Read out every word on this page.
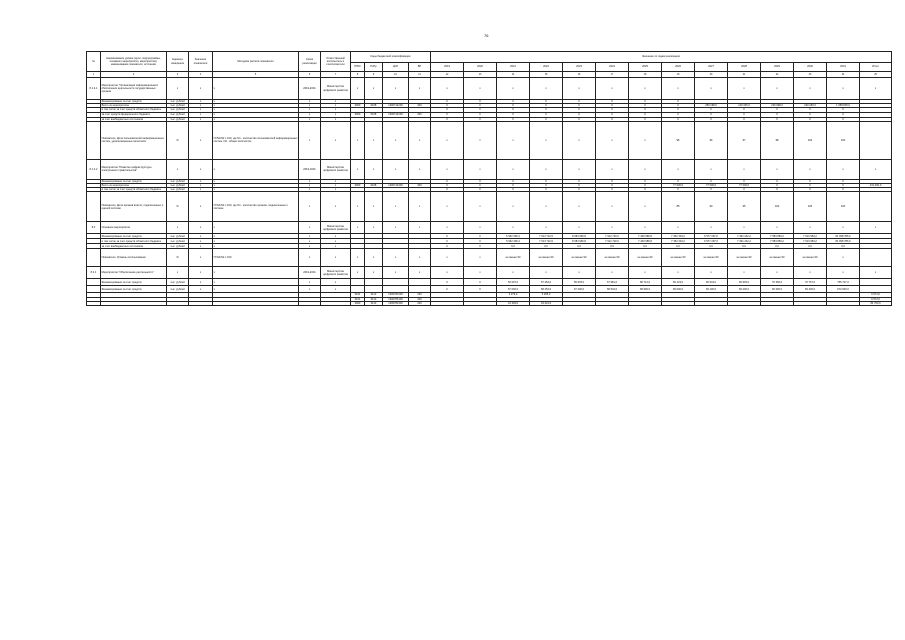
76
№	Наименование уровня (цели, подпрограммы, основного мероприятия, мероприятия), наименование показателя, источники	Единица измерения	Значение показателя	Методика расчёта показателя	Сроки реализации	Ответственный исполнитель и соисполнители	Коды бюджетной классификации				Значение по годам реализации													
							ГРБС	РзПр	ЦСР	ВР	2019	2020	2021	2022	2023	2024	2025	2026	2027	2028	2029	2030	2031	Итого
1	2	3	4	5	6	7	8	9	10	11	12	13	14	15	16	17	18	19	20	21	22	23	24	25
8.1.4.1	Мероприятие "Организация информационного обеспечения деятельности государственных органов	х	х	х	2019-2031	Министерство цифрового развития	х	х	х	х	х	х	х	х	х	х	х	х	х	х	х	х	х	х
	Финансирование за счет средств	тыс. рублей	х	х	х	х					0	0	0	0	0	0	0	0						
	Всего по мероприятию	тыс. рублей	х	х	х	х	3000	0108	1300714200	200	0	0	0	0	0	0	0	0	250 198,0	219 325,0	226 098,0	230 183,0	1 058 806,0	
	в том числе за счет средств областного бюджета	тыс. рублей	х	х	х	х					0	0	0	0	0	0	0	0	0	0	0	0	0	
	за счет средств федерального бюджета	тыс. рублей	х	х	х	х	3000	0108	1300714200	200	0	0	0	0	0	0	0	0	0	0	0	0	0	
	за счет внебюджетных источников	тыс. рублей	х	х	х	х					0	0	0	0	0	0	0	0	0	0	0	0	0	
	Показатель: Доля пользователей информационных систем, удовлетворенных качеством	%	х	П=N1/N2 x 100, где N1 - количество пользователей информационных систем, N2 - общее количество	х	х	х	х	х	х	х	х	х	х	х	х	х	95	96	97	98	100	100	
8.1.4.2	Мероприятие "Развитие инфраструктуры электронного правительства"	х	х	х	2019-2031	Министерство цифрового развития	х	х	х	х	х	х	х	х	х	х	х	х	х	х	х	х	х	х
	Финансирование за счет средств	тыс. рублей	х	х	х	х					0	0	0	0	0	0	0	0	0	0	0	0	0	
	Всего по мероприятию	тыс. рублей	х	х	х	х	3000	0108	1300714300	200	0	0	0	0	0	0	0	77 000,0	77 000,0	77 000,0	0	0	0	231 000,0
	в том числе за счет средств областного бюджета	тыс. рублей	х	х	х	х					0	0	0	0	0	0	0	0	0	0	0	0	0	
	Показатель: Доля органов власти, подключенных к единой системе	%	х	П=N1/N2 x 100, где N1 - количество органов, подключенных к системе	х	х	х	х	х	х	х	х	х	х	х	х	х	85	90	95	100	100	100	
8.2	Основное мероприятие	х	х	х	х	Министерство цифрового развития	х	х	х	х	х	х	х	х	х	х	х	х	х	х	х	х	х	х
	Финансирование за счет средств	тыс. рублей	х	х	х	х					0	0	5 962 396,4	7 613 722,9	8 084 960,8	7 912 720,6	7 406 986,8	7 352 304,2	6 577 297,0	7 391 242,2	7 583 883,2	7 610 984,2	81 098 786,6	
	в том числе за счет средств областного бюджета	тыс. рублей	х	х	х	х					0	0	5 962 396,4	7 613 722,9	8 084 960,8	7 912 720,6	7 406 986,8	7 352 304,2	6 577 297,0	7 391 242,2	7 583 883,2	7 610 984,2	81 098 786,6	
	за счет внебюджетных источников	тыс. рублей	х	х	х	х					0	0	0,0	0,0	0,0	0,0	0,0	0,0	0,0	0,0	0,0	0,0	0,0	
	Показатель: Уровень использования	%	х	П=N1/N2 x 100	х	х	х	х	х	х	х	х	не менее 90	не менее 90	не менее 90	не менее 90	не менее 90	не менее 90	не менее 90	не менее 90	не менее 90	не менее 90	х	
8.2.1	Мероприятие "Обеспечение деятельности"	х	х	х	2019-2031	Министерство цифрового развития	х	х	х	х	х	х	х	х	х	х	х	х	х	х	х	х	х	х
	Финансирование за счет средств	тыс. рублей	х	х	х	х					0	0	52 097,0	57 254,0	59 978,0	67 981,0	68 712,0	69 123,0	69 534,0	69 945,0	70 356,0	70 767,0	755 747,0	
	Финансирование за счет средств	тыс. рублей	х	х	х	х					0	0	67 000,0	68 254,0	67 200,0	68 534,0	68 990,0	69 000,0	69 100,0	69 200,0	69 300,0	69 400,0	672 600,0	
							3161	0113	1300781300	240			3 279,0	3 295,0										6 574,0
							3161	0113	1300781300	240														6 574,0
							3000	0113	1300781300	240			41 339,0	43 421,0										84 760,0
